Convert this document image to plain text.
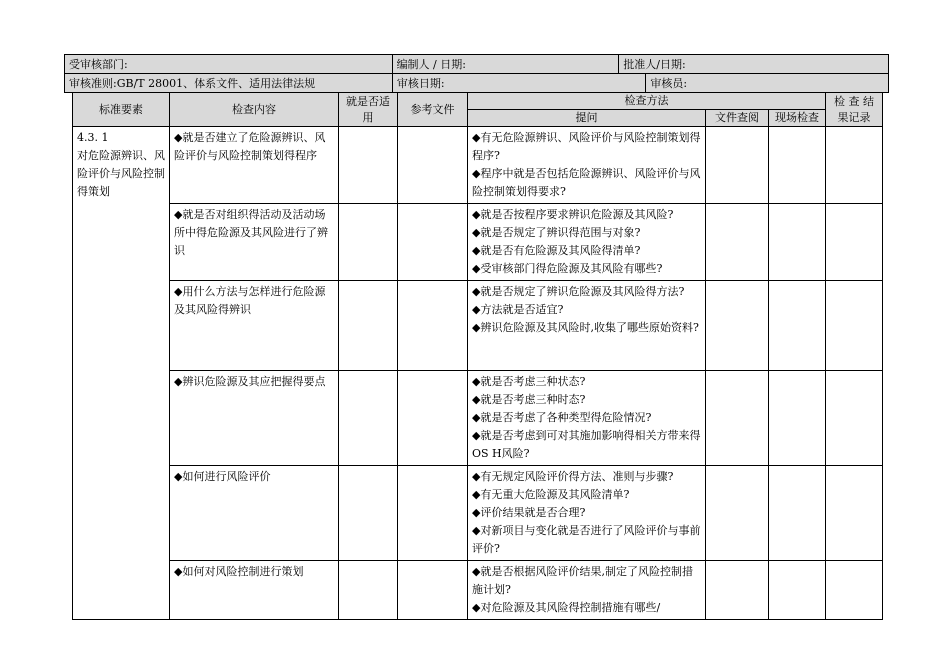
受审核部门:	编制人 / 日期:	批准人/日期:
审核准则:GB/T 28001、体系文件、适用法律法规	审核日期:	审核员:
标准要素	检查内容	就是否适用	参考文件	检查方法			检 查 结果记录
				提问	文件查阅	现场检查	

4.3. 1
对危险源辨识、风险评价与风险控制得策划	◆就是否建立了危险源辨识、风险评价与风险控制策划得程序			◆有无危险源辨识、风险评价与风险控制策划得程序?
◆程序中就是否包括危险源辨识、风险评价与风险控制策划得要求?			

	◆就是否对组织得活动及活动场所中得危险源及其风险进行了辨识			◆就是否按程序要求辨识危险源及其风险?
◆就是否规定了辨识得范围与对象?
◆就是否有危险源及其风险得清单?
◆受审核部门得危险源及其风险有哪些?			

	◆用什么方法与怎样进行危险源及其风险得辨识			◆就是否规定了辨识危险源及其风险得方法?
◆方法就是否适宜?
◆辨识危险源及其风险时,收集了哪些原始资料?			

	◆辨识危险源及其应把握得要点			◆就是否考虑三种状态?
◆就是否考虑三种时态?
◆就是否考虑了各种类型得危险情况?
◆就是否考虑到可对其施加影响得相关方带来得OS H风险?			

	◆如何进行风险评价			◆有无规定风险评价得方法、准则与步骤?
◆有无重大危险源及其风险清单?
◆评价结果就是否合理?
◆对新项目与变化就是否进行了风险评价与事前评价?			

	◆如何对风险控制进行策划			◆就是否根据风险评价结果,制定了风险控制措施计划?
◆对危险源及其风险得控制措施有哪些/			
